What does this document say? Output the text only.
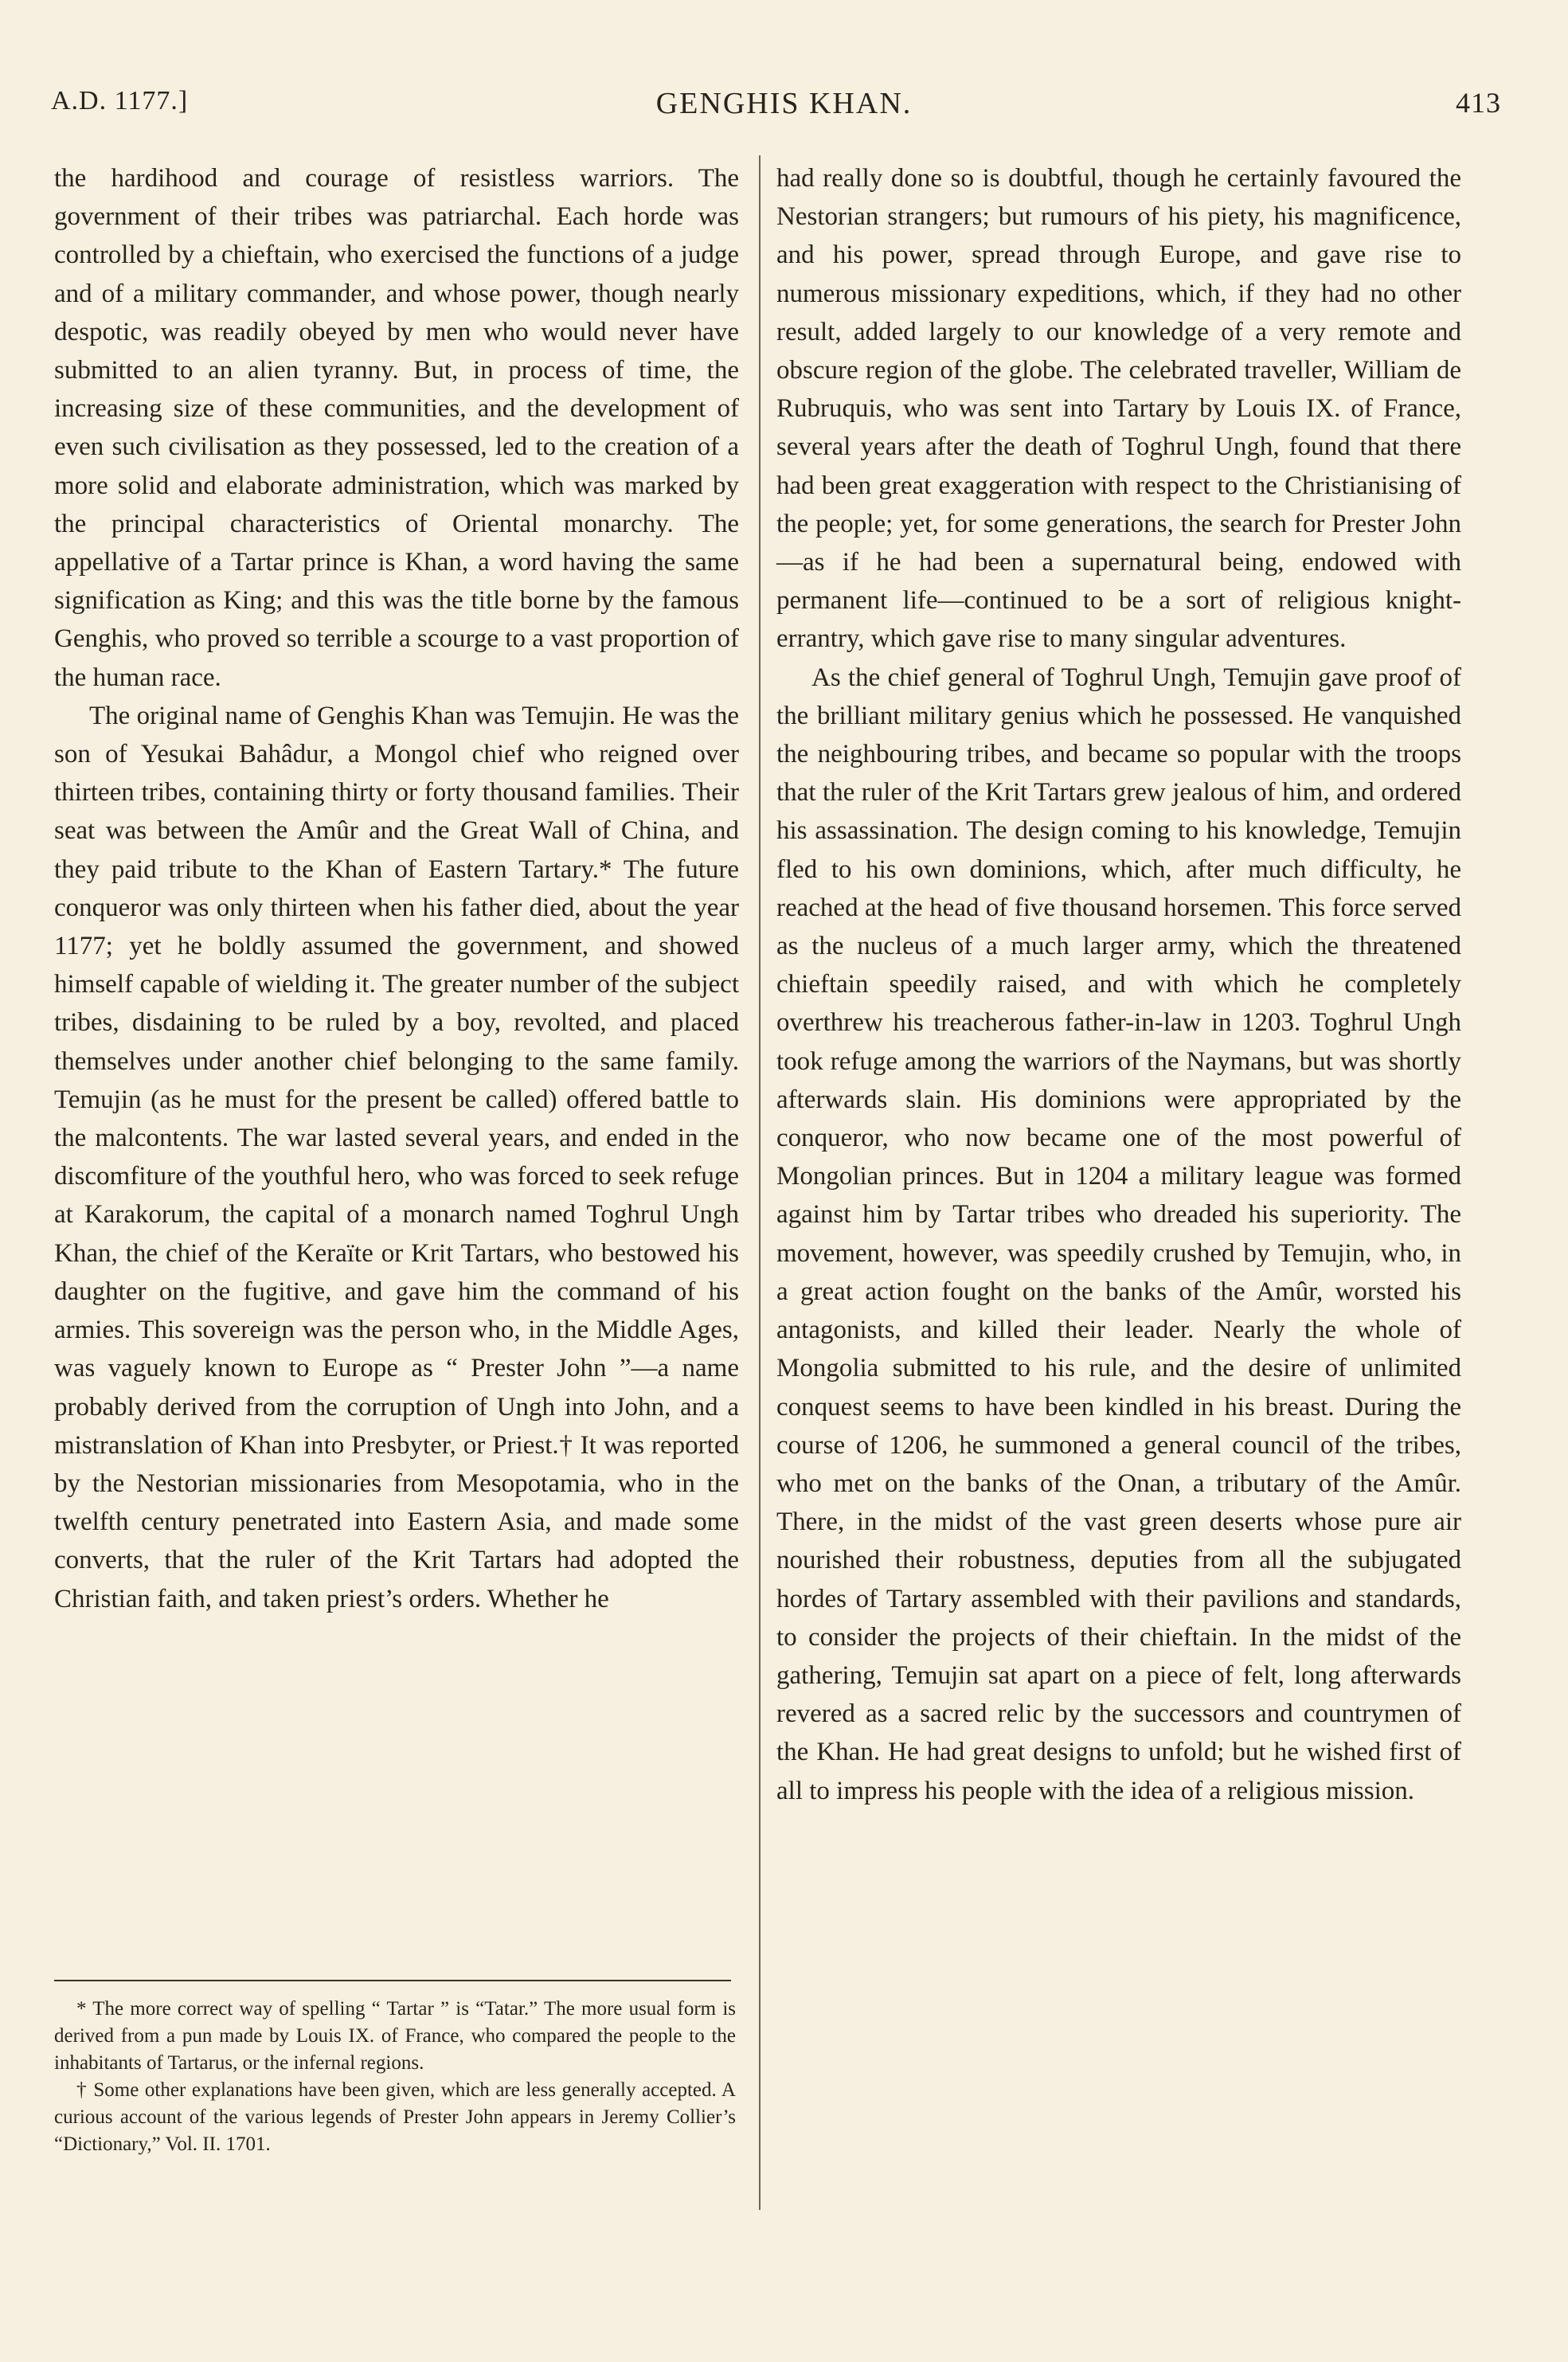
A.D. 1177.]	GENGHIS KHAN.	413

the hardihood and courage of resistless warriors. The government of their tribes was patriarchal. Each horde was controlled by a chieftain, who exercised the functions of a judge and of a military commander, and whose power, though nearly despotic, was readily obeyed by men who would never have submitted to an alien tyranny. But, in process of time, the increasing size of these communities, and the development of even such civilisation as they possessed, led to the creation of a more solid and elaborate administration, which was marked by the principal characteristics of Oriental monarchy. The appellative of a Tartar prince is Khan, a word having the same signification as King; and this was the title borne by the famous Genghis, who proved so terrible a scourge to a vast proportion of the human race.

The original name of Genghis Khan was Temujin. He was the son of Yesukai Bahâdur, a Mongol chief who reigned over thirteen tribes, containing thirty or forty thousand families. Their seat was between the Amûr and the Great Wall of China, and they paid tribute to the Khan of Eastern Tartary.* The future conqueror was only thirteen when his father died, about the year 1177; yet he boldly assumed the government, and showed himself capable of wielding it. The greater number of the subject tribes, disdaining to be ruled by a boy, revolted, and placed themselves under another chief belonging to the same family. Temujin (as he must for the present be called) offered battle to the malcontents. The war lasted several years, and ended in the discomfiture of the youthful hero, who was forced to seek refuge at Karakorum, the capital of a monarch named Toghrul Ungh Khan, the chief of the Keraïte or Krit Tartars, who bestowed his daughter on the fugitive, and gave him the command of his armies. This sovereign was the person who, in the Middle Ages, was vaguely known to Europe as “ Prester John ”—a name probably derived from the corruption of Ungh into John, and a mistranslation of Khan into Presbyter, or Priest.† It was reported by the Nestorian missionaries from Mesopotamia, who in the twelfth century penetrated into Eastern Asia, and made some converts, that the ruler of the Krit Tartars had adopted the Christian faith, and taken priest’s orders. Whether he

had really done so is doubtful, though he certainly favoured the Nestorian strangers; but rumours of his piety, his magnificence, and his power, spread through Europe, and gave rise to numerous missionary expeditions, which, if they had no other result, added largely to our knowledge of a very remote and obscure region of the globe. The celebrated traveller, William de Rubruquis, who was sent into Tartary by Louis IX. of France, several years after the death of Toghrul Ungh, found that there had been great exaggeration with respect to the Christianising of the people; yet, for some generations, the search for Prester John—as if he had been a supernatural being, endowed with permanent life—continued to be a sort of religious knight-errantry, which gave rise to many singular adventures.

As the chief general of Toghrul Ungh, Temujin gave proof of the brilliant military genius which he possessed. He vanquished the neighbouring tribes, and became so popular with the troops that the ruler of the Krit Tartars grew jealous of him, and ordered his assassination. The design coming to his knowledge, Temujin fled to his own dominions, which, after much difficulty, he reached at the head of five thousand horsemen. This force served as the nucleus of a much larger army, which the threatened chieftain speedily raised, and with which he completely overthrew his treacherous father-in-law in 1203. Toghrul Ungh took refuge among the warriors of the Naymans, but was shortly afterwards slain. His dominions were appropriated by the conqueror, who now became one of the most powerful of Mongolian princes. But in 1204 a military league was formed against him by Tartar tribes who dreaded his superiority. The movement, however, was speedily crushed by Temujin, who, in a great action fought on the banks of the Amûr, worsted his antagonists, and killed their leader. Nearly the whole of Mongolia submitted to his rule, and the desire of unlimited conquest seems to have been kindled in his breast. During the course of 1206, he summoned a general council of the tribes, who met on the banks of the Onan, a tributary of the Amûr. There, in the midst of the vast green deserts whose pure air nourished their robustness, deputies from all the subjugated hordes of Tartary assembled with their pavilions and standards, to consider the projects of their chieftain. In the midst of the gathering, Temujin sat apart on a piece of felt, long afterwards revered as a sacred relic by the successors and countrymen of the Khan. He had great designs to unfold; but he wished first of all to impress his people with the idea of a religious mission.

* The more correct way of spelling “ Tartar ” is “Tatar.” The more usual form is derived from a pun made by Louis IX. of France, who compared the people to the inhabitants of Tartarus, or the infernal regions.

† Some other explanations have been given, which are less generally accepted. A curious account of the various legends of Prester John appears in Jeremy Collier’s “Dictionary,” Vol. II. 1701.
